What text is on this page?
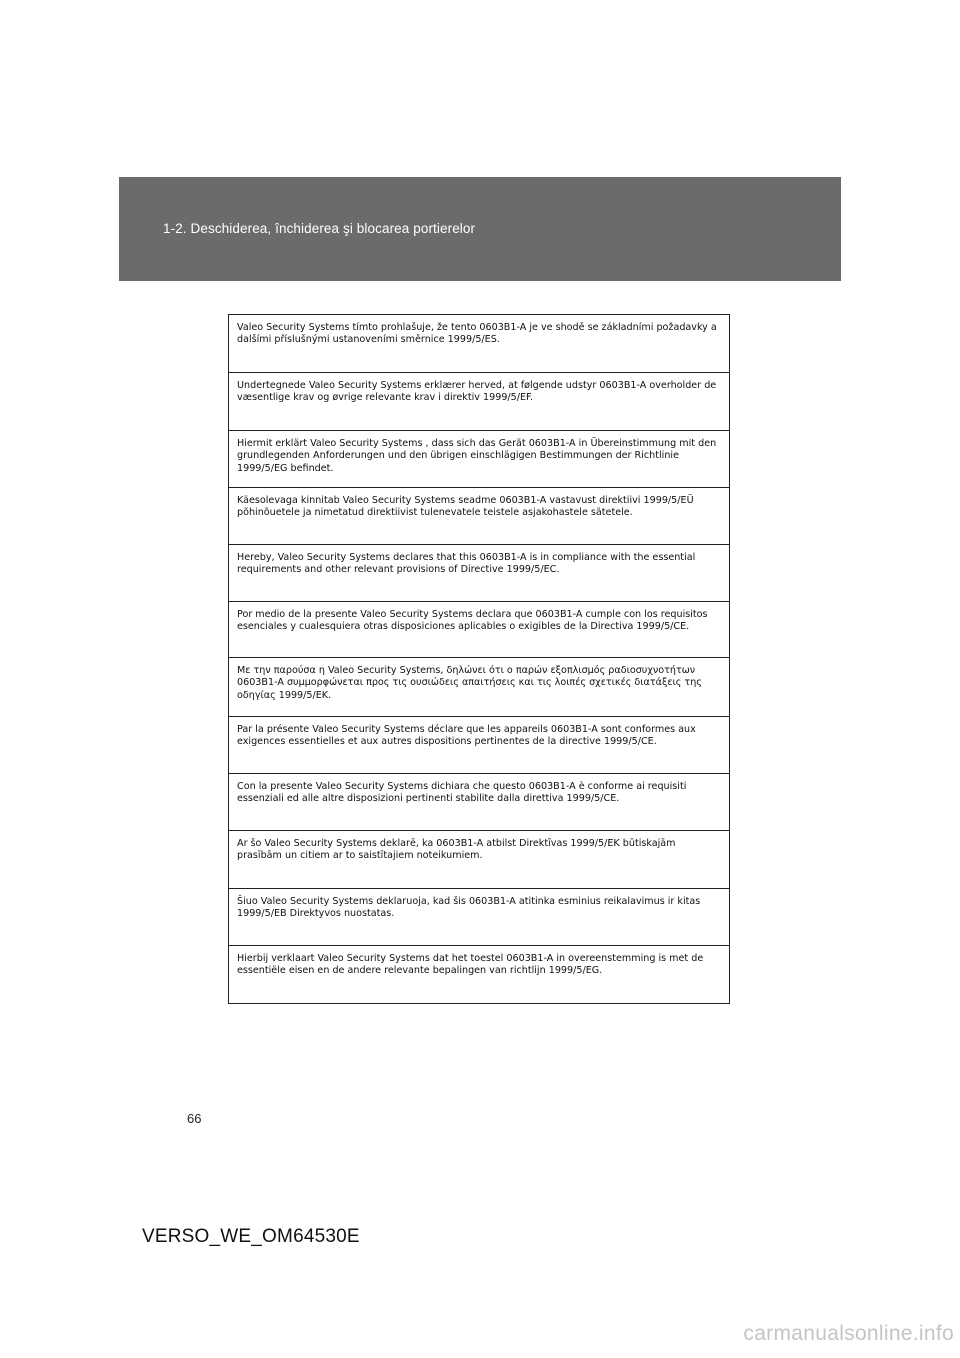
1-2. Deschiderea, închiderea şi blocarea portierelor
Valeo Security Systems tímto prohlašuje, že tento 0603B1-A je ve shodě se základními požadavky a dalšími příslušnými ustanoveními směrnice 1999/5/ES.
Undertegnede Valeo Security Systems erklærer herved, at følgende udstyr 0603B1-A overholder de væsentlige krav og øvrige relevante krav i direktiv 1999/5/EF.
Hiermit erklärt Valeo Security Systems , dass sich das Gerät 0603B1-A in Übereinstimmung mit den grundlegenden Anforderungen und den übrigen einschlägigen Bestimmungen der Richtlinie 1999/5/EG befindet.
Käesolevaga kinnitab Valeo Security Systems seadme 0603B1-A vastavust direktiivi 1999/5/EÜ põhinõuetele ja nimetatud direktiivist tulenevatele teistele asjakohastele sätetele.
Hereby, Valeo Security Systems declares that this 0603B1-A is in compliance with the essential requirements and other relevant provisions of Directive 1999/5/EC.
Por medio de la presente Valeo Security Systems declara que 0603B1-A cumple con los requisitos esenciales y cualesquiera otras disposiciones aplicables o exigibles de la Directiva 1999/5/CE.
Με την παρούσα η Valeo Security Systems, δηλώνει ότι ο παρών εξοπλισμός ραδιοσυχνοτήτων 0603B1-A συμμορφώνεται προς τις ουσιώδεις απαιτήσεις και τις λοιπές σχετικές διατάξεις της οδηγίας 1999/5/ΕΚ.
Par la présente Valeo Security Systems déclare que les appareils 0603B1-A sont conformes aux exigences essentielles et aux autres dispositions pertinentes de la directive 1999/5/CE.
Con la presente Valeo Security Systems dichiara che questo 0603B1-A è conforme ai requisiti essenziali ed alle altre disposizioni pertinenti stabilite dalla direttiva 1999/5/CE.
Ar šo Valeo Security Systems deklarē, ka 0603B1-A atbilst Direktīvas 1999/5/EK būtiskajām prasībām un citiem ar to saistītajiem noteikumiem.
Šiuo Valeo Security Systems deklaruoja, kad šis 0603B1-A atitinka esminius reikalavimus ir kitas 1999/5/EB Direktyvos nuostatas.
Hierbij verklaart Valeo Security Systems dat het toestel 0603B1-A in overeenstemming is met de essentiële eisen en de andere relevante bepalingen van richtlijn 1999/5/EG.
66
VERSO_WE_OM64530E
carmanualsonline.info
